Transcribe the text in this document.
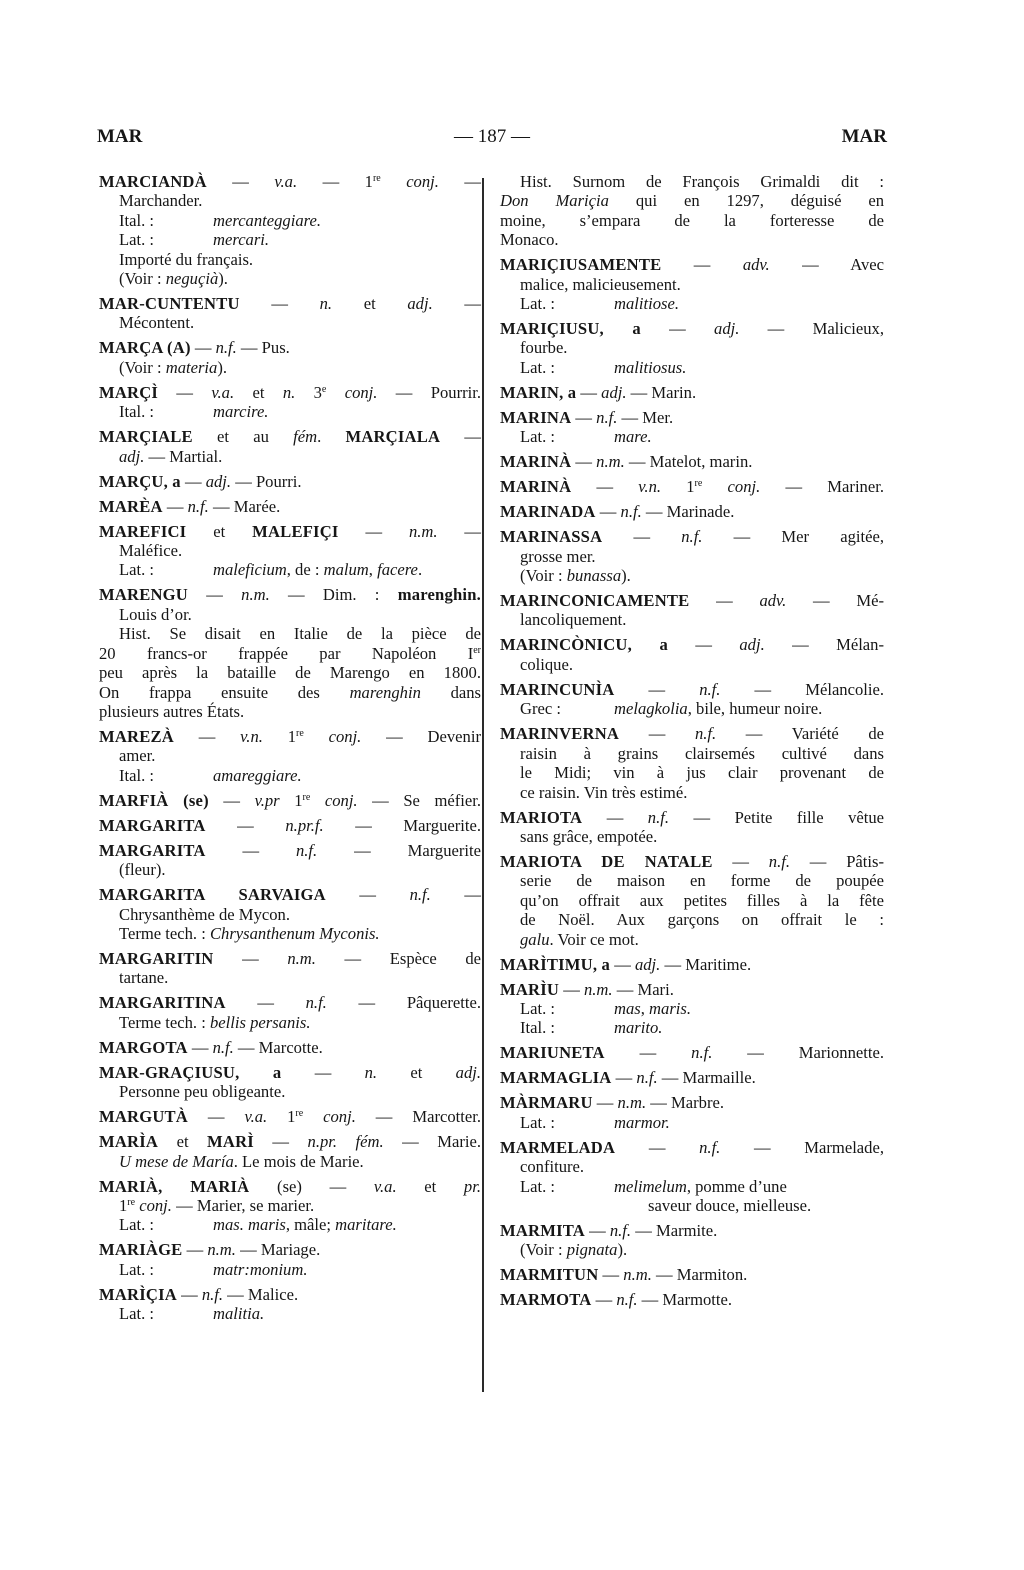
MAR	— 187 —	MAR
MARCIANDÀ — v.a. — 1re conj. —
Marchander.
Ital. :	mercanteggiare.
Lat. :	mercari.
Importé du français.
(Voir : neguçià).
MAR-CUNTENTU — n. et adj. —
Mécontent.
MARÇA (A) — n.f. — Pus.
(Voir : materia).
MARÇÌ — v.a. et n. 3e conj. — Pourrir.
Ital. :	marcire.
MARÇIALE et au fém. MARÇIALA —
adj. — Martial.
MARÇU, a — adj. — Pourri.
MARÈA — n.f. — Marée.
MAREFICI et MALEFIÇI — n.m. —
Maléfice.
Lat. :	maleficium, de : malum, facere.
MARENGU — n.m. — Dim. : marenghin.
Louis d’or.
Hist. Se disait en Italie de la pièce de
20 francs-or frappée par Napoléon Ier
peu après la bataille de Marengo en 1800.
On frappa ensuite des marenghin dans
plusieurs autres États.
MAREZÀ — v.n. 1re conj. — Devenir
amer.
Ital. :	amareggiare.
MARFIÀ (se) — v.pr 1re conj. — Se méfier.
MARGARITA — n.pr.f. — Marguerite.
MARGARITA — n.f. — Marguerite
(fleur).
MARGARITA SARVAIGA — n.f. —
Chrysanthème de Mycon.
Terme tech. : Chrysanthenum Myconis.
MARGARITIN — n.m. — Espèce de
tartane.
MARGARITINA — n.f. — Pâquerette.
Terme tech. : bellis persanis.
MARGOTA — n.f. — Marcotte.
MAR-GRAÇIUSU, a — n. et adj.
Personne peu obligeante.
MARGUTÀ — v.a. 1re conj. — Marcotter.
MARÌA et MARÌ — n.pr. fém. — Marie.
U mese de María. Le mois de Marie.
MARIÀ, MARIÀ (se) — v.a. et pr.
1re conj. — Marier, se marier.
Lat. :	mas. maris, mâle; maritare.
MARIÀGE — n.m. — Mariage.
Lat. :	matr:monium.
MARÌÇIA — n.f. — Malice.
Lat. :	malitia.
Hist. Surnom de François Grimaldi dit :
Don Mariçia qui en 1297, déguisé en
moine, s’empara de la forteresse de
Monaco.
MARIÇIUSAMENTE — adv. — Avec
malice, malicieusement.
Lat. :	malitiose.
MARIÇIUSU, a — adj. — Malicieux,
fourbe.
Lat. :	malitiosus.
MARIN, a — adj. — Marin.
MARINA — n.f. — Mer.
Lat. :	mare.
MARINÀ — n.m. — Matelot, marin.
MARINÀ — v.n. 1re conj. — Mariner.
MARINADA — n.f. — Marinade.
MARINASSA — n.f. — Mer agitée,
grosse mer.
(Voir : bunassa).
MARINCONICAMENTE — adv. — Mé-
lancoliquement.
MARINCÒNICU, a — adj. — Mélan-
colique.
MARINCUNÌA — n.f. — Mélancolie.
Grec :	melagkolia, bile, humeur noire.
MARINVERNA — n.f. — Variété de
raisin à grains clairsemés cultivé dans
le Midi; vin à jus clair provenant de
ce raisin. Vin très estimé.
MARIOTA — n.f. — Petite fille vêtue
sans grâce, empotée.
MARIOTA DE NATALE — n.f. — Pâtis-
serie de maison en forme de poupée
qu’on offrait aux petites filles à la fête
de Noël. Aux garçons on offrait le :
galu. Voir ce mot.
MARÌTIMU, a — adj. — Maritime.
MARÌU — n.m. — Mari.
Lat. :	mas, maris.
Ital. :	marito.
MARIUNETA — n.f. — Marionnette.
MARMAGLIA — n.f. — Marmaille.
MÀRMARU — n.m. — Marbre.
Lat. :	marmor.
MARMELADA — n.f. — Marmelade,
confiture.
Lat. :	melimelum, pomme d’une
saveur douce, mielleuse.
MARMITA — n.f. — Marmite.
(Voir : pignata).
MARMITUN — n.m. — Marmiton.
MARMOTA — n.f. — Marmotte.
